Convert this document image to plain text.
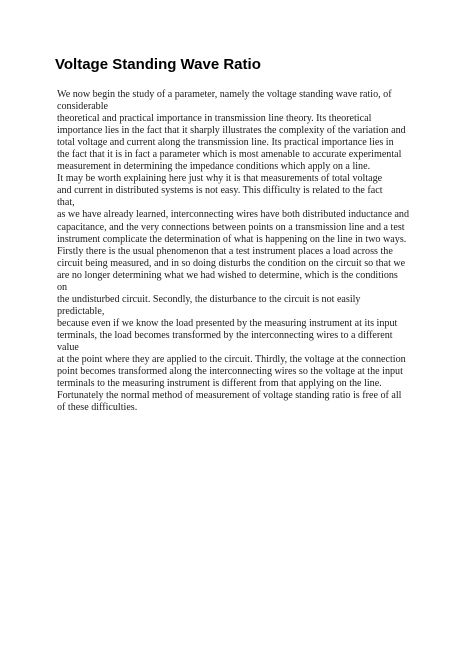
Voltage Standing Wave Ratio
We now begin the study of a parameter, namely the voltage standing wave ratio, of
considerable
theoretical and practical importance in transmission line theory. Its theoretical
importance lies in the fact that it sharply illustrates the complexity of the variation and
total voltage and current along the transmission line. Its practical importance lies in
the fact that it is in fact a parameter which is most amenable to accurate experimental
measurement in determining the impedance conditions which apply on a line.
It may be worth explaining here just why it is that measurements of total voltage
and current in distributed systems is not easy. This difficulty is related to the fact
that,
as we have already learned, interconnecting wires have both distributed inductance and
capacitance, and the very connections between points on a transmission line and a test
instrument complicate the determination of what is happening on the line in two ways.
Firstly there is the usual phenomenon that a test instrument places a load across the
circuit being measured, and in so doing disturbs the condition on the circuit so that we
are no longer determining what we had wished to determine, which is the conditions
on
the undisturbed circuit. Secondly, the disturbance to the circuit is not easily
predictable,
because even if we know the load presented by the measuring instrument at its input
terminals, the load becomes transformed by the interconnecting wires to a different
value
at the point where they are applied to the circuit. Thirdly, the voltage at the connection
point becomes transformed along the interconnecting wires so the voltage at the input
terminals to the measuring instrument is different from that applying on the line.
Fortunately the normal method of measurement of voltage standing ratio is free of all
of these difficulties.
